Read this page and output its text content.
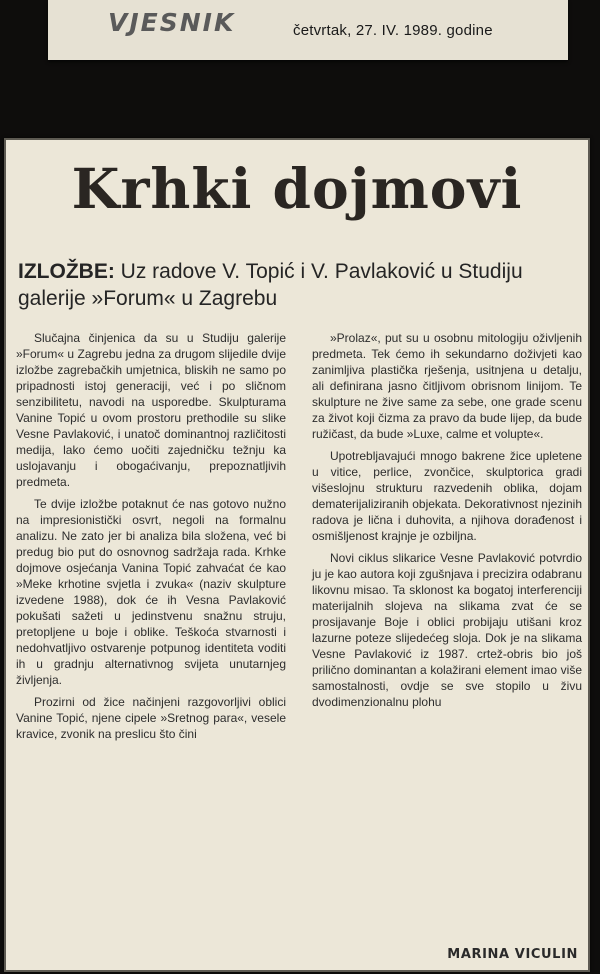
VJESNIK	četvrtak, 27. IV. 1989. godine
Krhki dojmovi

IZLOŽBE: Uz radove V. Topić i V. Pavlaković u Studiju galerije »Forum« u Zagrebu

Slučajna činjenica da su u Studiju galerije »Forum« u Zagrebu jedna za drugom slijedile dvije izložbe zagrebačkih umjetnica, bliskih ne samo po pripadnosti istoj generaciji, već i po sličnom senzibilitetu, navodi na usporedbe. Skulpturama Vanine Topić u ovom prostoru prethodile su slike Vesne Pavlaković, i unatoč dominantnoj različitosti medija, lako ćemo uočiti zajedničku težnju ka uslojavanju i obogaćivanju, prepoznatljivih predmeta.

Te dvije izložbe potaknut će nas gotovo nužno na impresionistički osvrt, negoli na formalnu analizu. Ne zato jer bi analiza bila složena, već bi predug bio put do osnovnog sadržaja rada. Krhke dojmove osjećanja Vanina Topić zahvaćat će kao »Meke krhotine svjetla i zvuka« (naziv skulpture izvedene 1988), dok će ih Vesna Pavlaković pokušati sažeti u jedinstvenu snažnu struju, pretopljene u boje i oblike. Teškoća stvarnosti i nedohvatljivo ostvarenje potpunog identiteta voditi ih u gradnju alternativnog svijeta unutarnjeg življenja.

Prozirni od žice načinjeni razgovorljivi oblici Vanine Topić, njene cipele »Sretnog para«, vesele kravice, zvonik na preslicu što čini

»Prolaz«, put su u osobnu mitologiju oživljenih predmeta. Tek ćemo ih sekundarno doživjeti kao zanimljiva plastička rješenja, usitnjena u detalju, ali definirana jasno čitljivom obrisnom linijom. Te skulpture ne žive same za sebe, one grade scenu za život koji čizma za pravo da bude lijep, da bude ružičast, da bude »Luxe, calme et volupte«.

Upotrebljavajući mnogo bakrene žice upletene u vitice, perlice, zvončice, skulptorica gradi višeslojnu strukturu razvedenih oblika, dojam dematerijaliziranih objekata. Dekorativnost njezinih radova je lična i duhovita, a njihova dorađenost i osmišljenost krajnje je ozbiljna.

Novi ciklus slikarice Vesne Pavlaković potvrdio ju je kao autora koji zgušnjava i precizira odabranu likovnu misao. Ta sklonost ka bogatoj interferenciji materijalnih slojeva na slikama zvat će se prosijavanje Boje i oblici probijaju utišani kroz lazurne poteze slijedećeg sloja. Dok je na slikama Vesne Pavlaković iz 1987. crtež-obris bio još prilično dominantan a kolažirani element imao više samostalnosti, ovdje se sve stopilo u živu dvodimenzionalnu plohu

MARINA VICULIN
